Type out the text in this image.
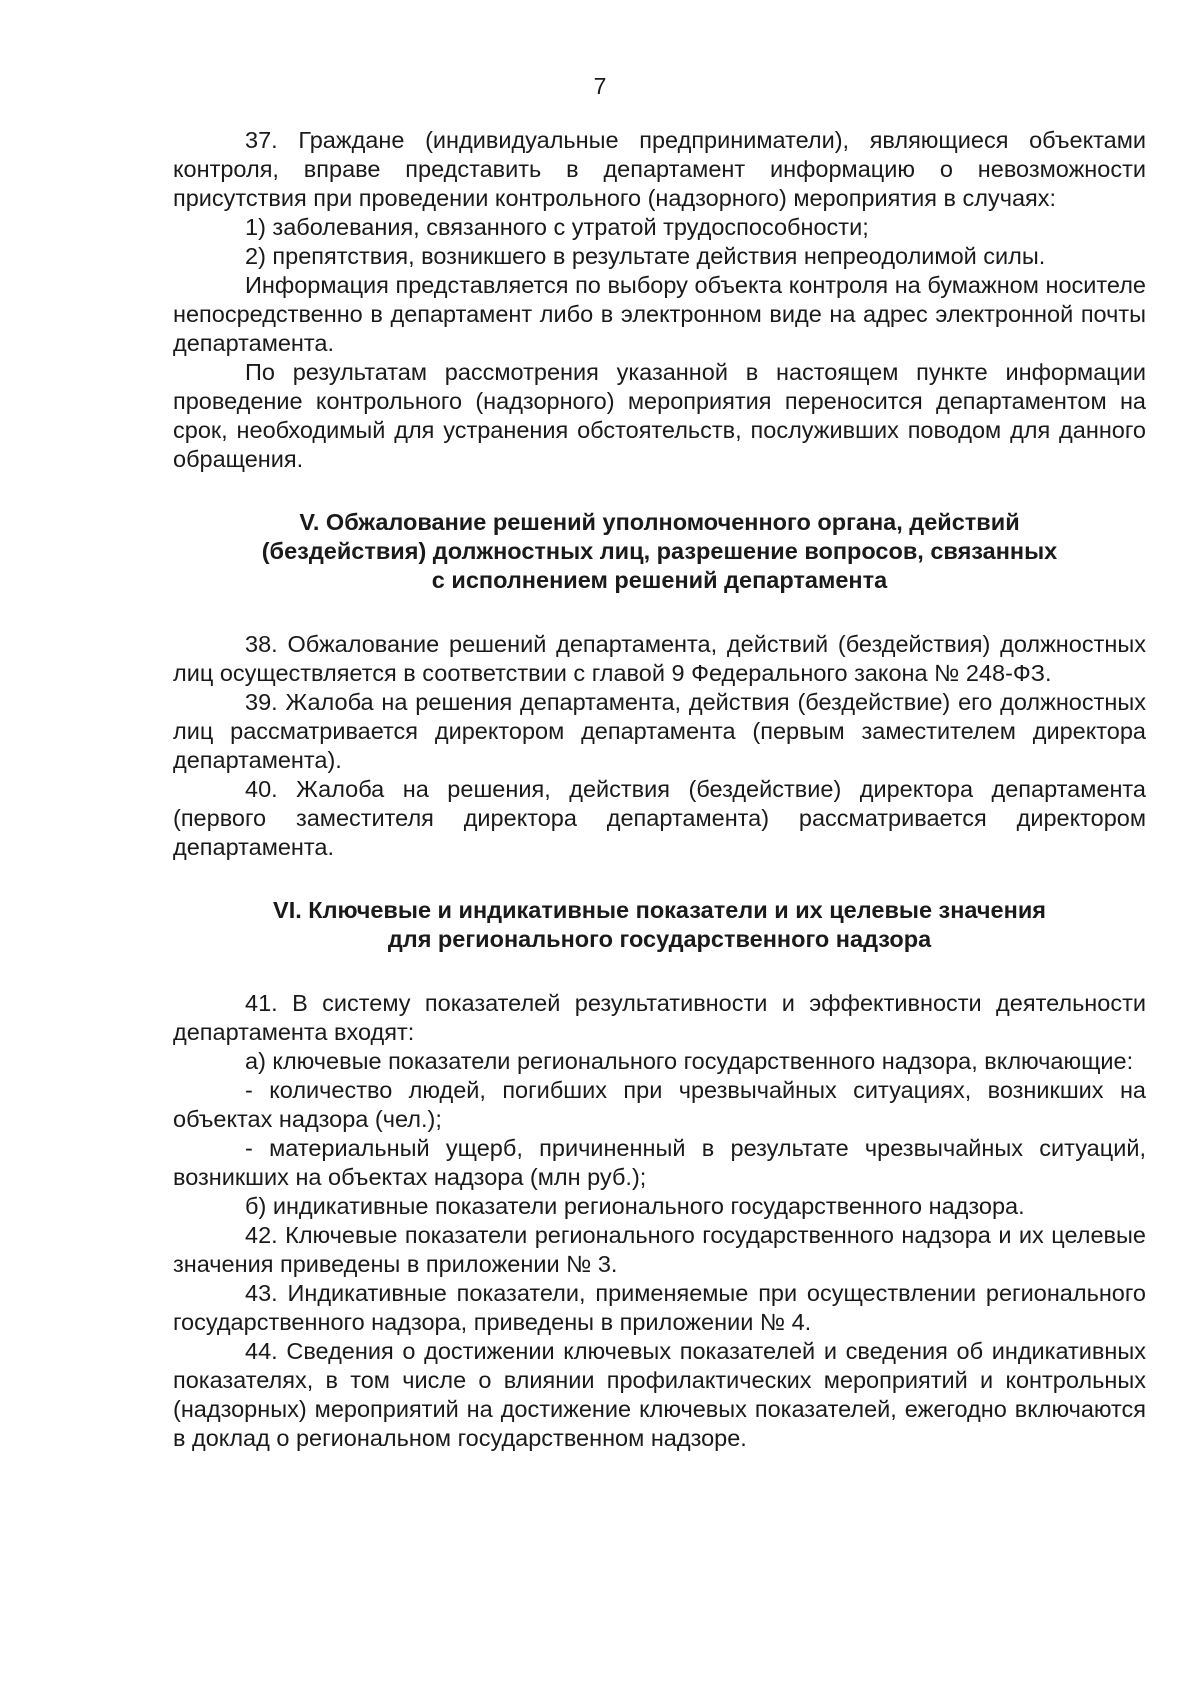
7

37. Граждане (индивидуальные предприниматели), являющиеся объектами контроля, вправе представить в департамент информацию о невозможности присутствия при проведении контрольного (надзорного) мероприятия в случаях:

1) заболевания, связанного с утратой трудоспособности;

2) препятствия, возникшего в результате действия непреодолимой силы.

Информация представляется по выбору объекта контроля на бумажном носителе непосредственно в департамент либо в электронном виде на адрес электронной почты департамента.

По результатам рассмотрения указанной в настоящем пункте информации проведение контрольного (надзорного) мероприятия переносится департаментом на срок, необходимый для устранения обстоятельств, послуживших поводом для данного обращения.

V. Обжалование решений уполномоченного органа, действий
(бездействия) должностных лиц, разрешение вопросов, связанных
с исполнением решений департамента

38. Обжалование решений департамента, действий (бездействия) должностных лиц осуществляется в соответствии с главой 9 Федерального закона № 248-ФЗ.

39. Жалоба на решения департамента, действия (бездействие) его должностных лиц рассматривается директором департамента (первым заместителем директора департамента).

40. Жалоба на решения, действия (бездействие) директора департамента (первого заместителя директора департамента) рассматривается директором департамента.

VI. Ключевые и индикативные показатели и их целевые значения
для регионального государственного надзора

41. В систему показателей результативности и эффективности деятельности департамента входят:

а) ключевые показатели регионального государственного надзора, включающие:

- количество людей, погибших при чрезвычайных ситуациях, возникших на объектах надзора (чел.);

- материальный ущерб, причиненный в результате чрезвычайных ситуаций, возникших на объектах надзора (млн руб.);

б) индикативные показатели регионального государственного надзора.

42. Ключевые показатели регионального государственного надзора и их целевые значения приведены в приложении № 3.

43. Индикативные показатели, применяемые при осуществлении регионального государственного надзора, приведены в приложении № 4.

44. Сведения о достижении ключевых показателей и сведения об индикативных показателях, в том числе о влиянии профилактических мероприятий и контрольных (надзорных) мероприятий на достижение ключевых показателей, ежегодно включаются в доклад о региональном государственном надзоре.
